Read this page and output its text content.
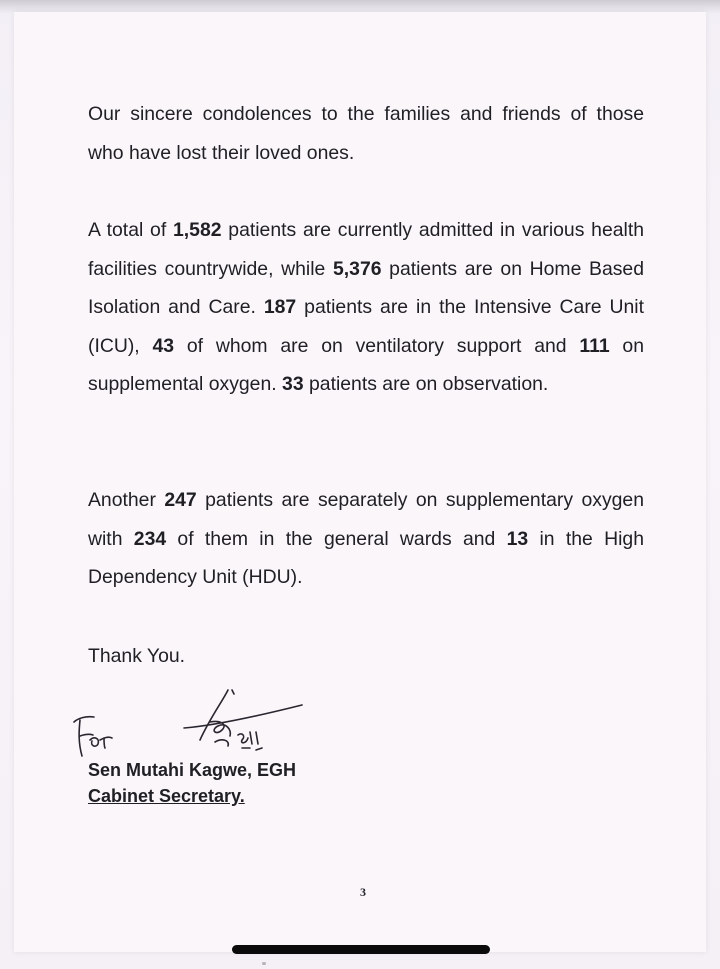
Our sincere condolences to the families and friends of those who have lost their loved ones.

A total of 1,582 patients are currently admitted in various health facilities countrywide, while 5,376 patients are on Home Based Isolation and Care. 187 patients are in the Intensive Care Unit (ICU), 43 of whom are on ventilatory support and 111 on supplemental oxygen. 33 patients are on observation.

Another 247 patients are separately on supplementary oxygen with 234 of them in the general wards and 13 in the High Dependency Unit (HDU).

Thank You.

Sen Mutahi Kagwe, EGH

Cabinet Secretary.

3
